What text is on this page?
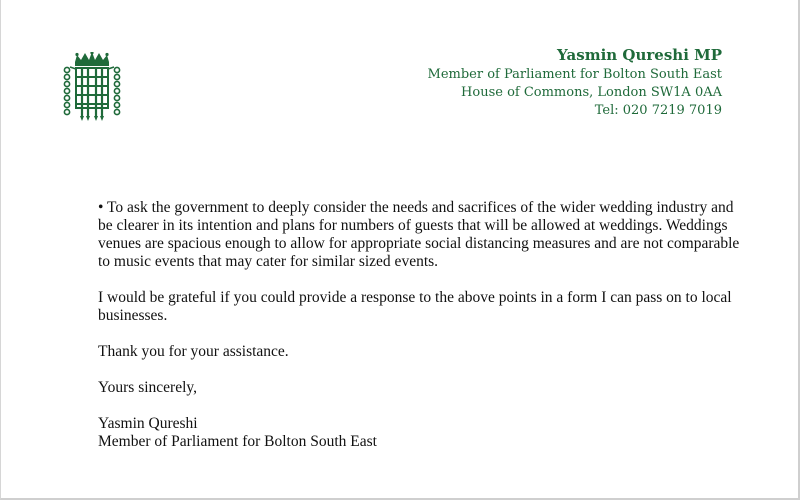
Yasmin Qureshi MP
Member of Parliament for Bolton South East
House of Commons, London SW1A 0AA
Tel: 020 7219 7019

• To ask the government to deeply consider the needs and sacrifices of the wider wedding industry and be clearer in its intention and plans for numbers of guests that will be allowed at weddings. Weddings venues are spacious enough to allow for appropriate social distancing measures and are not comparable to music events that may cater for similar sized events.

I would be grateful if you could provide a response to the above points in a form I can pass on to local businesses.

Thank you for your assistance.

Yours sincerely,

Yasmin Qureshi
Member of Parliament for Bolton South East
